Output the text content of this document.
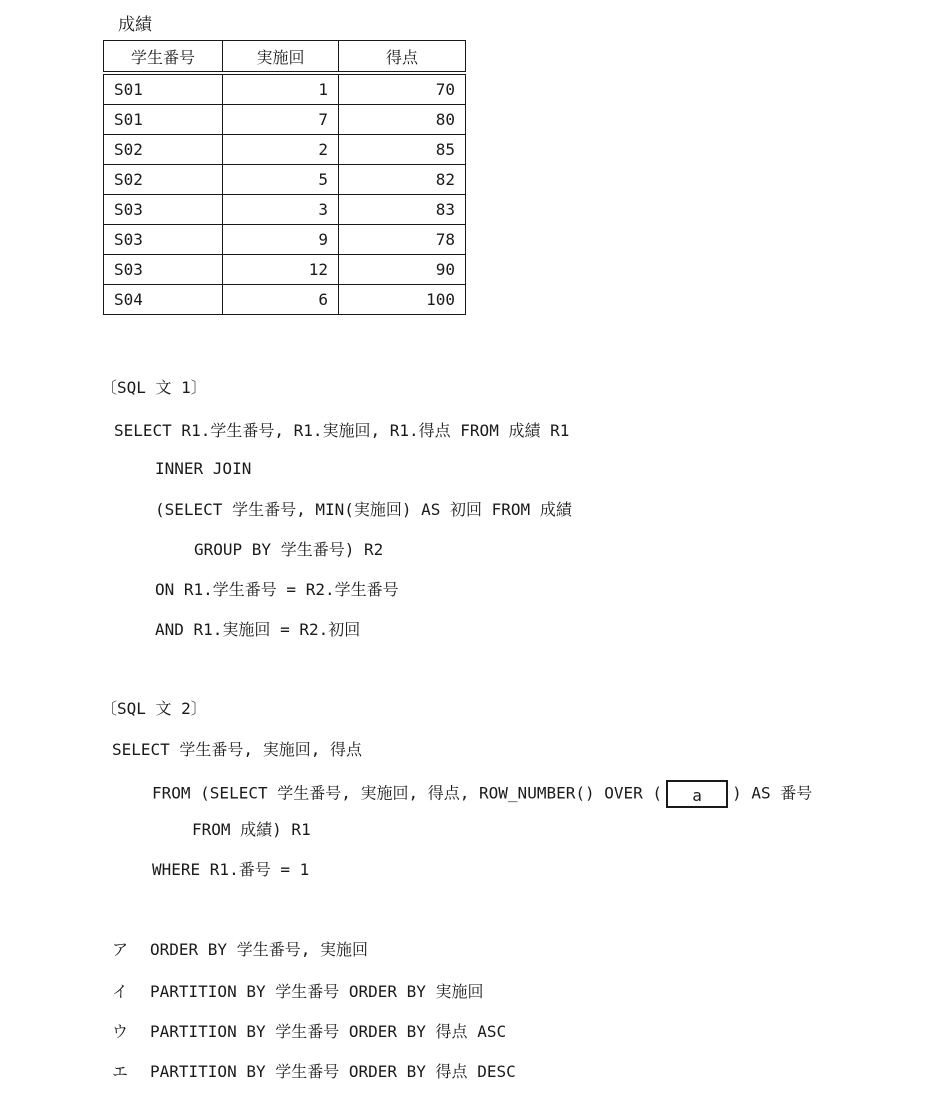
成績
学生番号	実施回	得点
S01	1	70
S01	7	80
S02	2	85
S02	5	82
S03	3	83
S03	9	78
S03	12	90
S04	6	100
〔SQL 文 1〕
SELECT R1.学生番号, R1.実施回, R1.得点 FROM 成績 R1
INNER JOIN
(SELECT 学生番号, MIN(実施回) AS 初回 FROM 成績
GROUP BY 学生番号) R2
ON R1.学生番号 = R2.学生番号
AND R1.実施回 = R2.初回
〔SQL 文 2〕
SELECT 学生番号, 実施回, 得点
FROM (SELECT 学生番号, 実施回, 得点, ROW_NUMBER() OVER ( a ) AS 番号
FROM 成績) R1
WHERE R1.番号 = 1
ア ORDER BY 学生番号, 実施回
イ PARTITION BY 学生番号 ORDER BY 実施回
ウ PARTITION BY 学生番号 ORDER BY 得点 ASC
エ PARTITION BY 学生番号 ORDER BY 得点 DESC
